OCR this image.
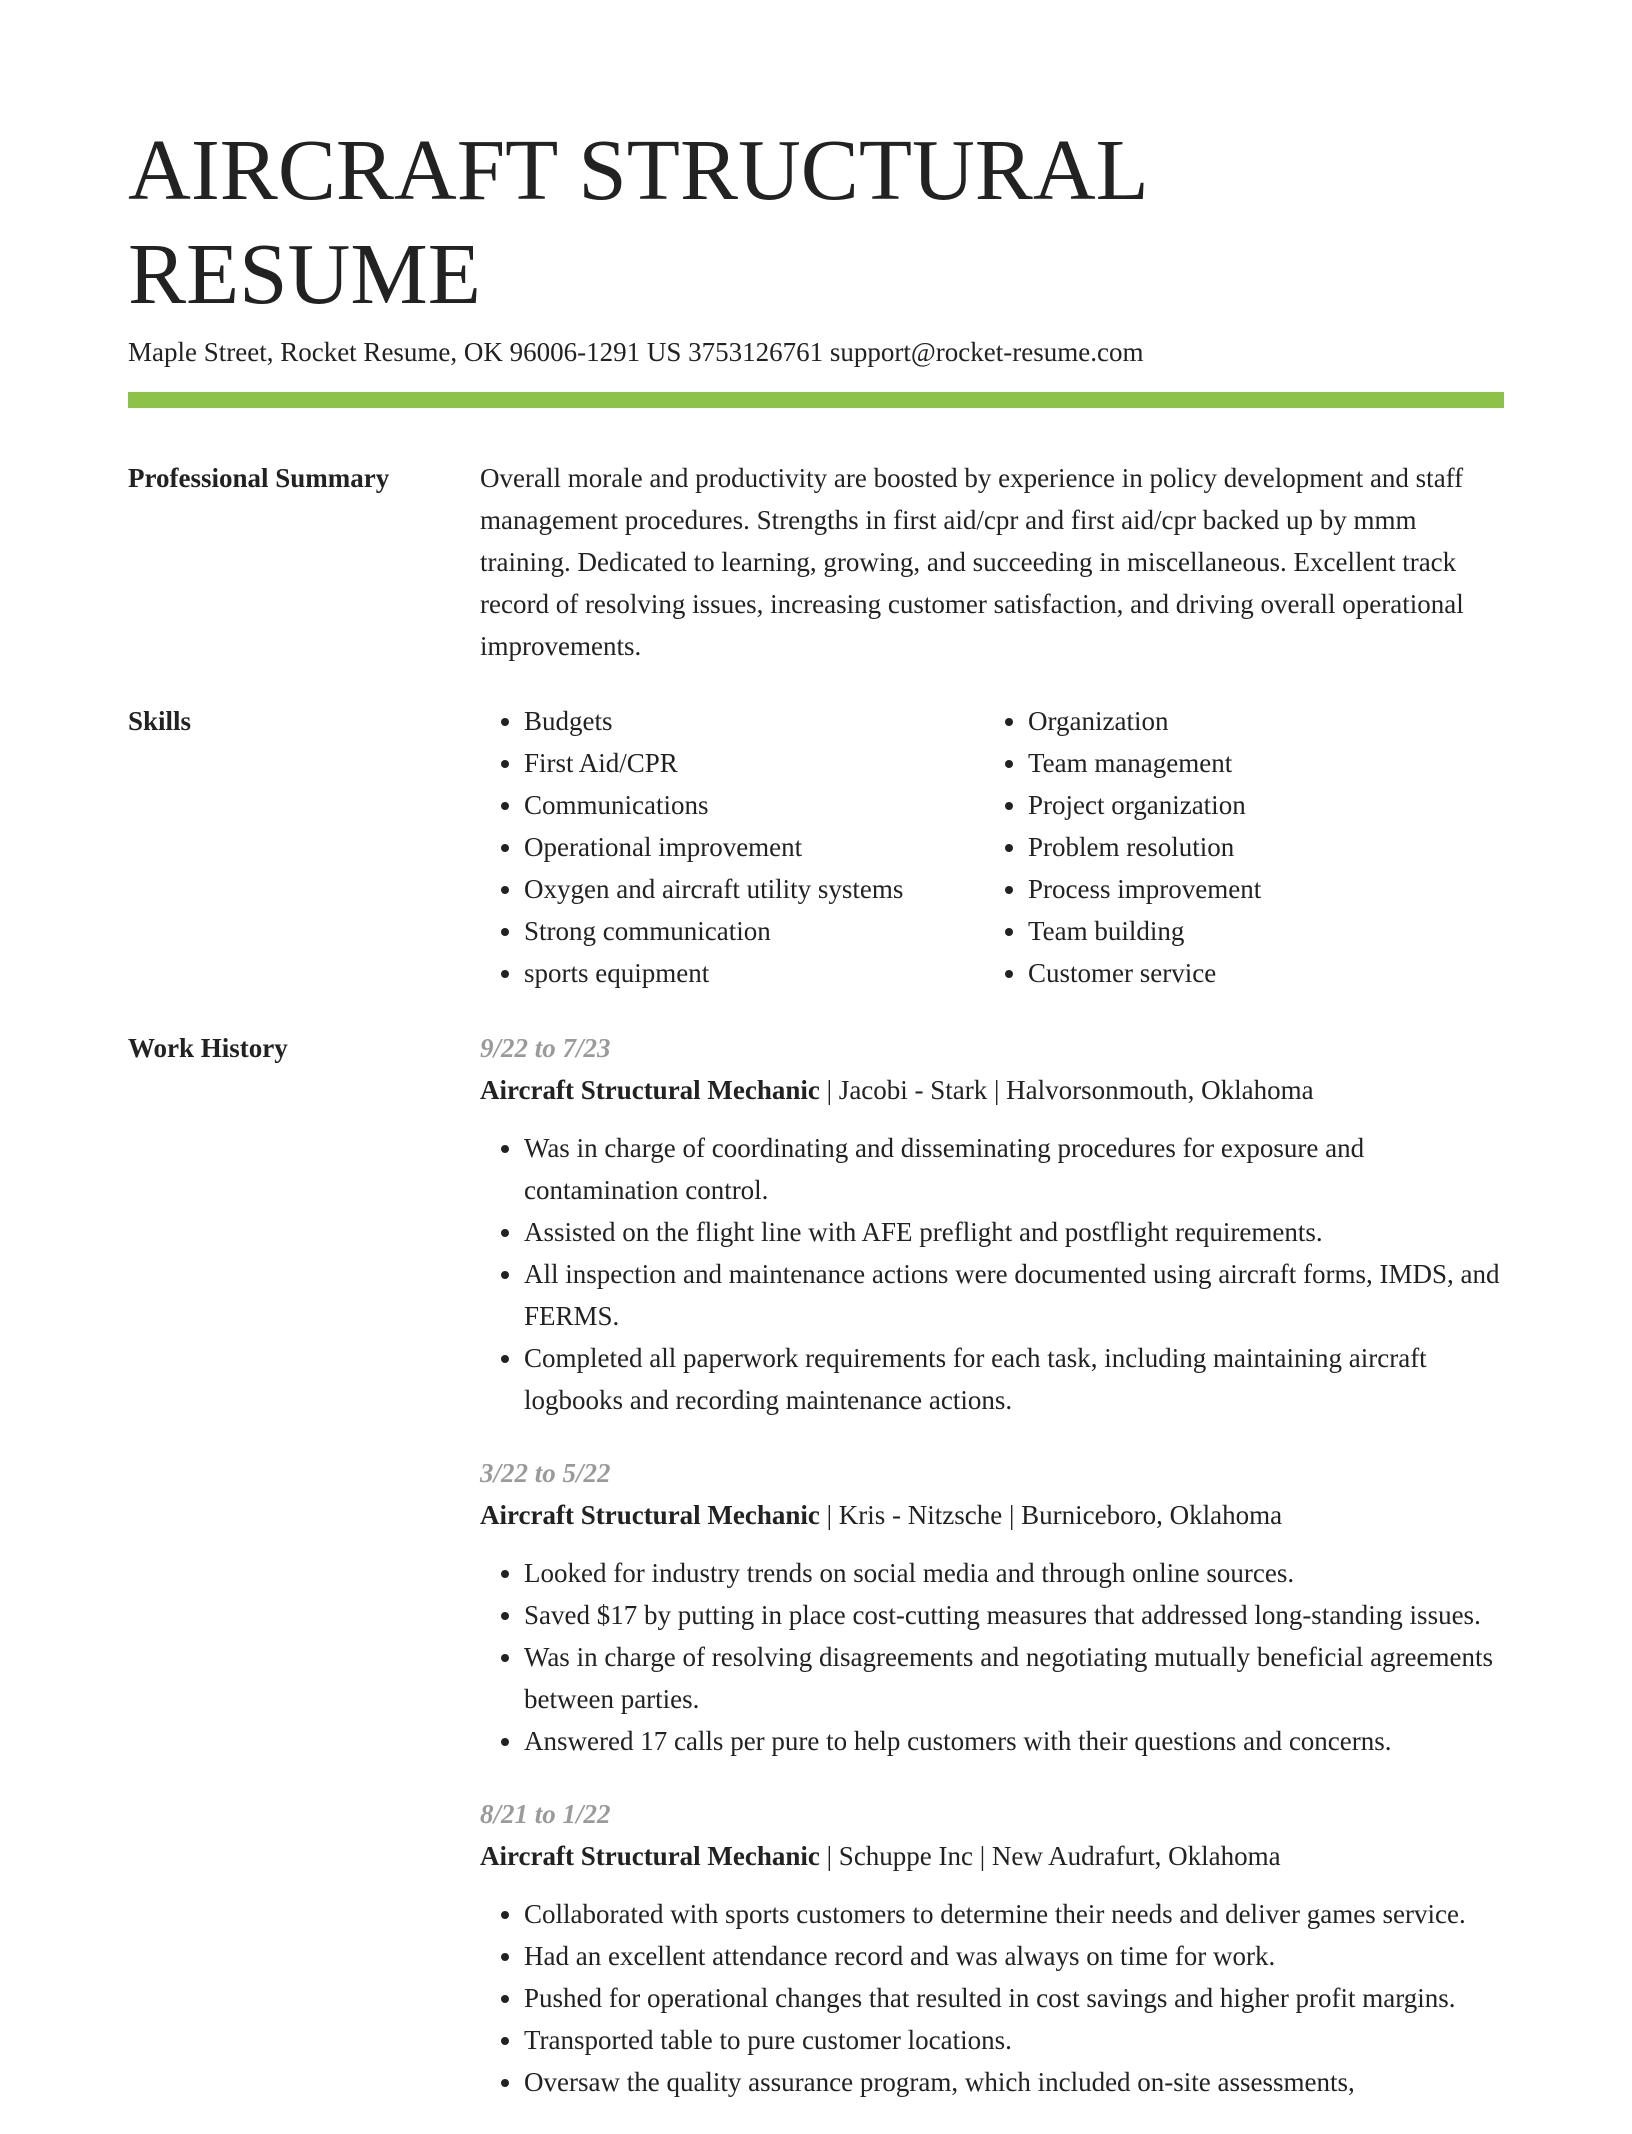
AIRCRAFT STRUCTURAL RESUME
Maple Street, Rocket Resume, OK 96006-1291 US 3753126761 support@rocket-resume.com
Professional Summary	Overall morale and productivity are boosted by experience in policy development and staff management procedures. Strengths in first aid/cpr and first aid/cpr backed up by mmm training. Dedicated to learning, growing, and succeeding in miscellaneous. Excellent track record of resolving issues, increasing customer satisfaction, and driving overall operational improvements.
Skills
•	Budgets
• First Aid/CPR
• Communications
• Operational improvement
• Oxygen and aircraft utility systems
• Strong communication
• sports equipment
• Organization
• Team management
• Project organization
• Problem resolution
• Process improvement
• Team building
• Customer service
Work History	9/22 to 7/23
Aircraft Structural Mechanic | Jacobi - Stark | Halvorsonmouth, Oklahoma
• Was in charge of coordinating and disseminating procedures for exposure and contamination control.
• Assisted on the flight line with AFE preflight and postflight requirements.
• All inspection and maintenance actions were documented using aircraft forms, IMDS, and FERMS.
• Completed all paperwork requirements for each task, including maintaining aircraft logbooks and recording maintenance actions.
3/22 to 5/22
Aircraft Structural Mechanic | Kris - Nitzsche | Burniceboro, Oklahoma
• Looked for industry trends on social media and through online sources.
• Saved $17 by putting in place cost-cutting measures that addressed long-standing issues.
• Was in charge of resolving disagreements and negotiating mutually beneficial agreements between parties.
• Answered 17 calls per pure to help customers with their questions and concerns.
8/21 to 1/22
Aircraft Structural Mechanic | Schuppe Inc | New Audrafurt, Oklahoma
• Collaborated with sports customers to determine their needs and deliver games service.
• Had an excellent attendance record and was always on time for work.
• Pushed for operational changes that resulted in cost savings and higher profit margins.
• Transported table to pure customer locations.
• Oversaw the quality assurance program, which included on-site assessments,
